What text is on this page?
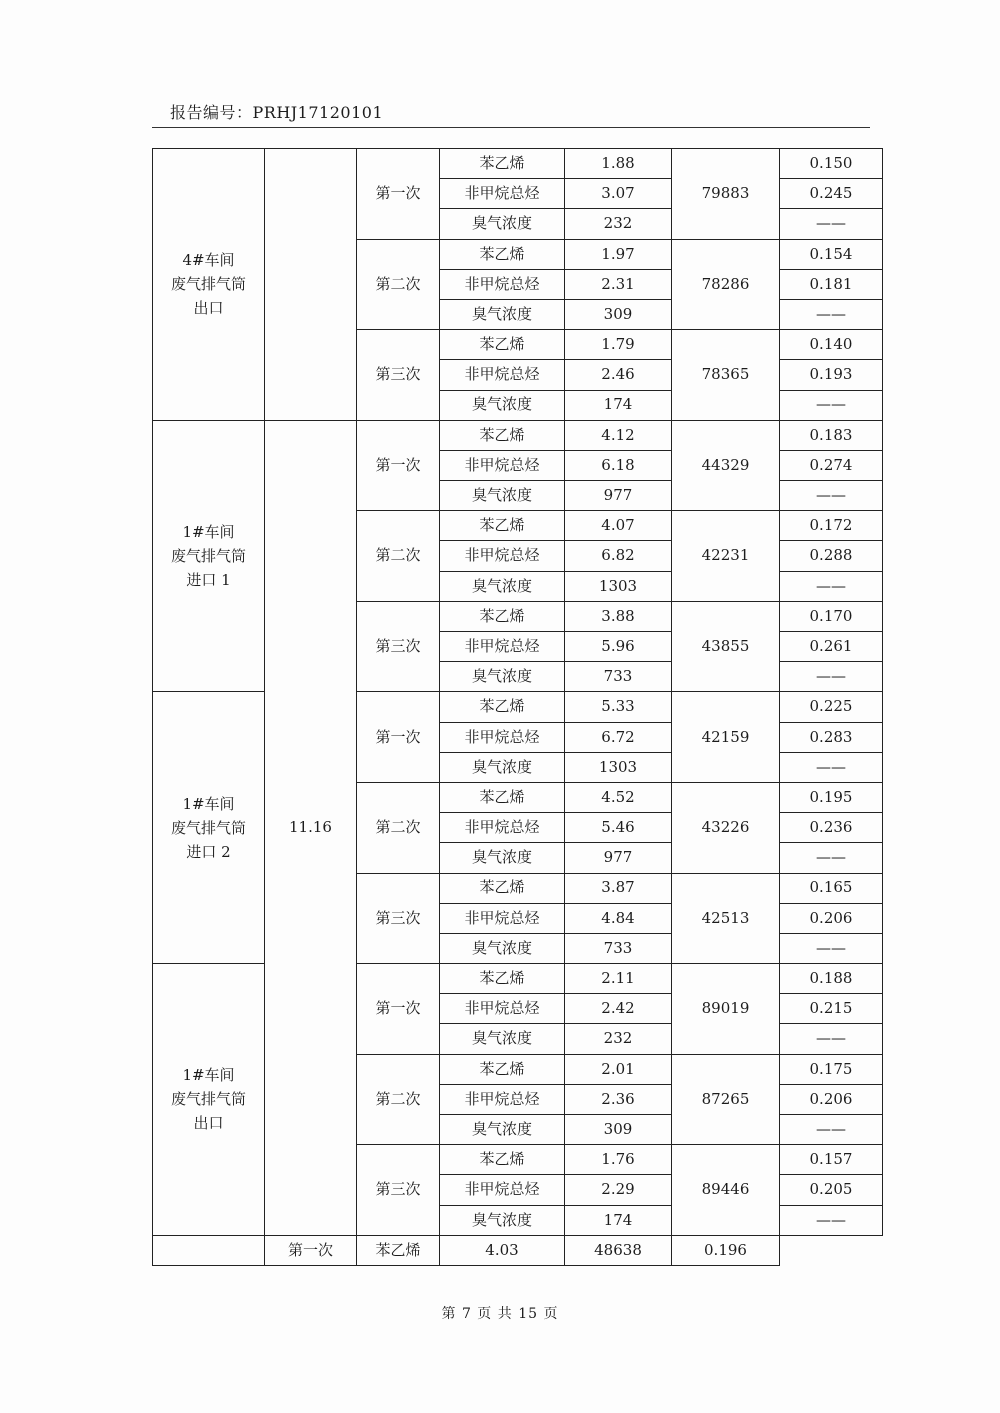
报告编号：PRHJ17120101
4#车间
废气排气筒
出口		第一次	苯乙烯	1.88	79883	0.150
			非甲烷总烃	3.07		0.245
			臭气浓度	232		——
		第二次	苯乙烯	1.97	78286	0.154
			非甲烷总烃	2.31		0.181
			臭气浓度	309		——
		第三次	苯乙烯	1.79	78365	0.140
			非甲烷总烃	2.46		0.193
			臭气浓度	174		——

1#车间
废气排气筒
进口 1	11.16	第一次	苯乙烯	4.12	44329	0.183
			非甲烷总烃	6.18		0.274
			臭气浓度	977		——
		第二次	苯乙烯	4.07	42231	0.172
			非甲烷总烃	6.82		0.288
			臭气浓度	1303		——
		第三次	苯乙烯	3.88	43855	0.170
			非甲烷总烃	5.96		0.261
			臭气浓度	733		——

1#车间
废气排气筒
进口 2		第一次	苯乙烯	5.33	42159	0.225
			非甲烷总烃	6.72		0.283
			臭气浓度	1303		——
		第二次	苯乙烯	4.52	43226	0.195
			非甲烷总烃	5.46		0.236
			臭气浓度	977		——
		第三次	苯乙烯	3.87	42513	0.165
			非甲烷总烃	4.84		0.206
			臭气浓度	733		——

1#车间
废气排气筒
出口		第一次	苯乙烯	2.11	89019	0.188
			非甲烷总烃	2.42		0.215
			臭气浓度	232		——
		第二次	苯乙烯	2.01	87265	0.175
			非甲烷总烃	2.36		0.206
			臭气浓度	309		——
		第三次	苯乙烯	1.76	89446	0.157
			非甲烷总烃	2.29		0.205
			臭气浓度	174		——
	第一次	苯乙烯	4.03	48638	0.196	
第 7 页 共 15 页
